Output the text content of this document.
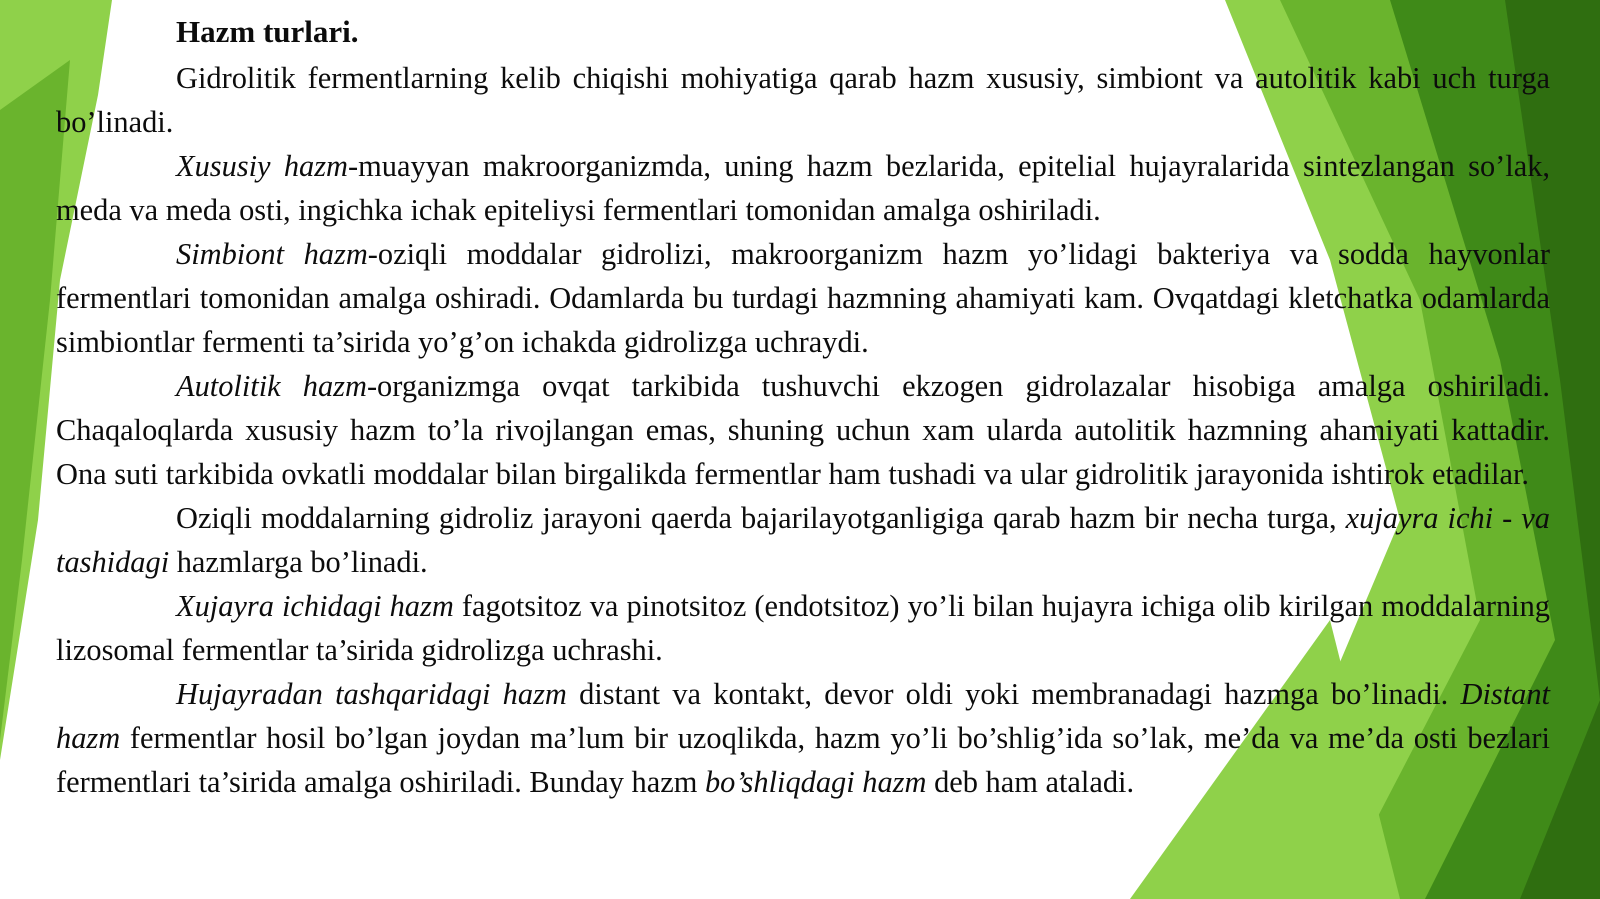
Hazm turlari.

Gidrolitik fermentlarning kelib chiqishi mohiyatiga qarab hazm xususiy, simbiont va autolitik kabi uch turga bo’linadi.

Xususiy hazm-muayyan makroorganizmda, uning hazm bezlarida, epitelial hujayralarida sintezlangan so’lak, meda va meda osti, ingichka ichak epiteliysi fermentlari tomonidan amalga oshiriladi.

Simbiont hazm-oziqli moddalar gidrolizi, makroorganizm hazm yo’lidagi bakteriya va sodda hayvonlar fermentlari tomonidan amalga oshiradi. Odamlarda bu turdagi hazmning ahamiyati kam. Ovqatdagi kletchatka odamlarda simbiontlar fermenti ta’sirida yo’g’on ichakda gidrolizga uchraydi.

Autolitik hazm-organizmga ovqat tarkibida tushuvchi ekzogen gidrolazalar hisobiga amalga oshiriladi. Chaqaloqlarda xususiy hazm to’la rivojlangan emas, shuning uchun xam ularda autolitik hazmning ahamiyati kattadir. Ona suti tarkibida ovkatli moddalar bilan birgalikda fermentlar ham tushadi va ular gidrolitik jarayonida ishtirok etadilar.

Oziqli moddalarning gidroliz jarayoni qaerda bajarilayotganligiga qarab hazm bir necha turga, xujayra ichi - va tashidagi hazmlarga bo’linadi.

Xujayra ichidagi hazm fagotsitoz va pinotsitoz (endotsitoz) yo’li bilan hujayra ichiga olib kirilgan moddalarning lizosomal fermentlar ta’sirida gidrolizga uchrashi.

Hujayradan tashqaridagi hazm distant va kontakt, devor oldi yoki membranadagi hazmga bo’linadi. Distant hazm fermentlar hosil bo’lgan joydan ma’lum bir uzoqlikda, hazm yo’li bo’shlig’ida so’lak, me’da va me’da osti bezlari fermentlari ta’sirida amalga oshiriladi. Bunday hazm bo’shliqdagi hazm deb ham ataladi.
